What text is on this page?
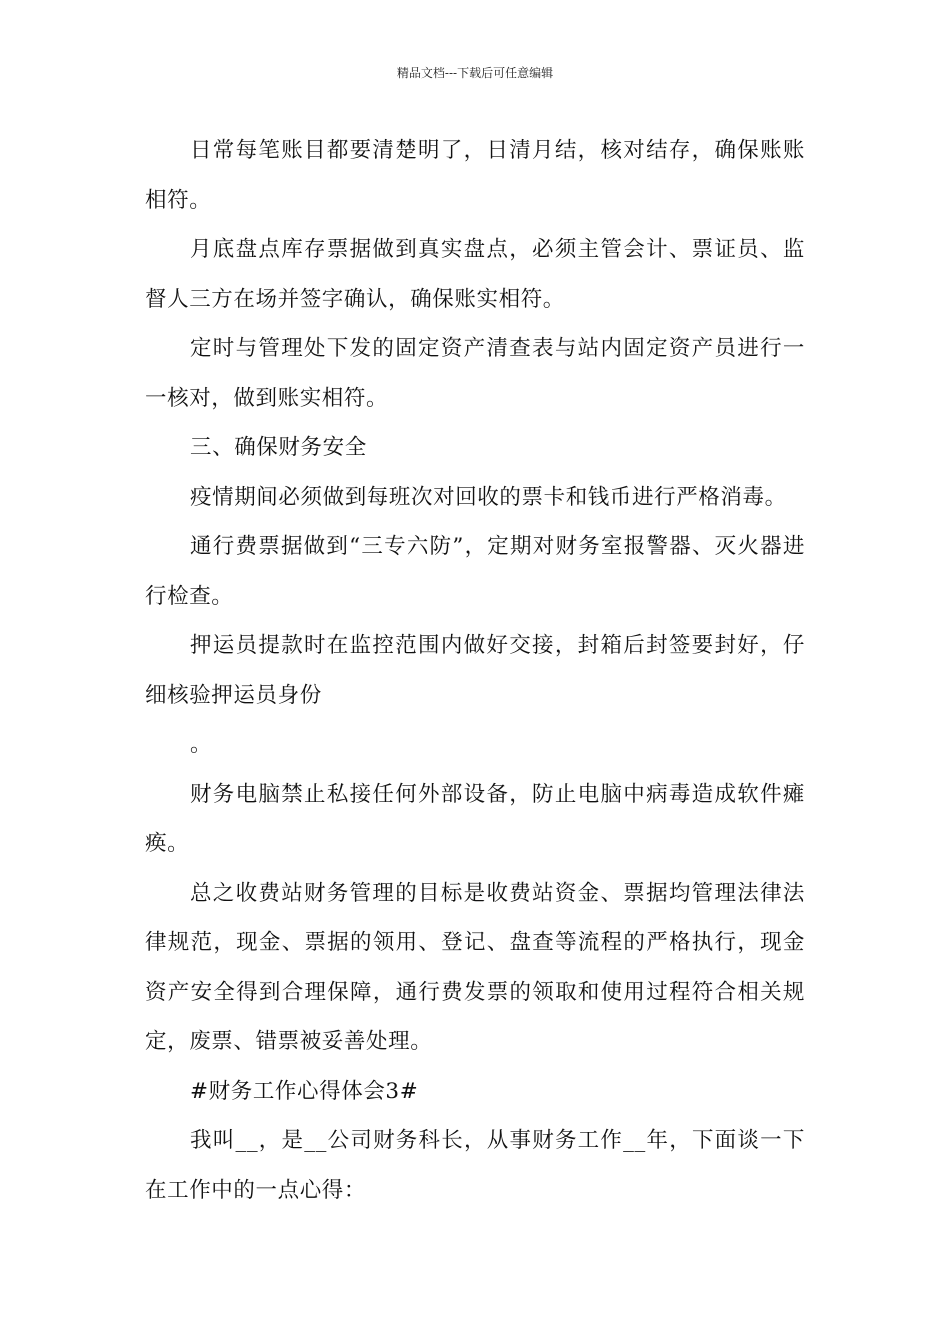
精品文档---下载后可任意编辑

日常每笔账目都要清楚明了，日清月结，核对结存，确保账账相符。

月底盘点库存票据做到真实盘点，必须主管会计、票证员、监督人三方在场并签字确认，确保账实相符。

定时与管理处下发的固定资产清查表与站内固定资产员进行一一核对，做到账实相符。

三、确保财务安全

疫情期间必须做到每班次对回收的票卡和钱币进行严格消毒。

通行费票据做到“三专六防”，定期对财务室报警器、灭火器进行检查。

押运员提款时在监控范围内做好交接，封箱后封签要封好，仔细核验押运员身份

。

财务电脑禁止私接任何外部设备，防止电脑中病毒造成软件瘫痪。

总之收费站财务管理的目标是收费站资金、票据均管理法律法律规范，现金、票据的领用、登记、盘查等流程的严格执行，现金资产安全得到合理保障，通行费发票的领取和使用过程符合相关规定，废票、错票被妥善处理。

#财务工作心得体会3#

我叫__，是__公司财务科长，从事财务工作__年，下面谈一下在工作中的一点心得：
